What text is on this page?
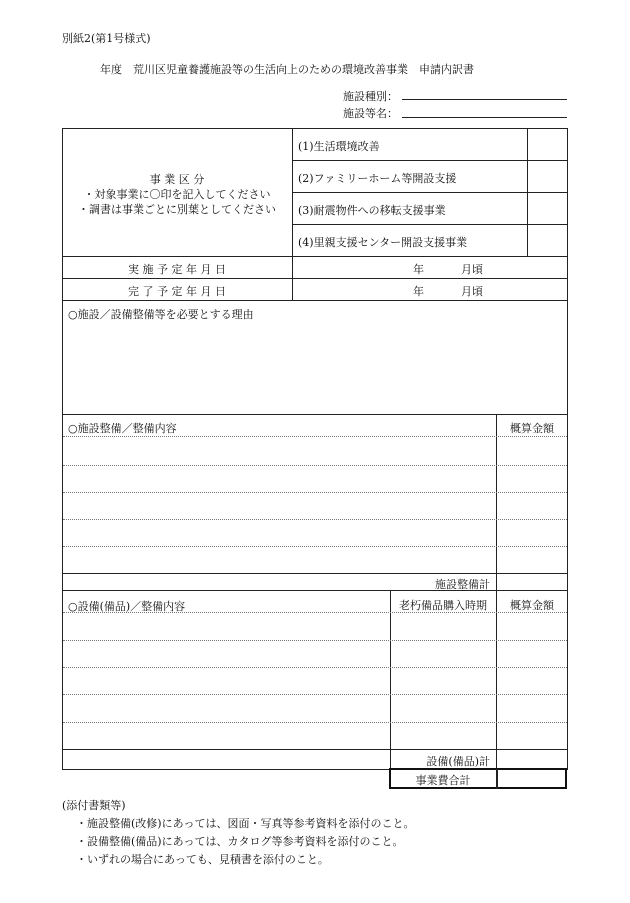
別紙2(第1号様式)
年度　荒川区児童養護施設等の生活向上のための環境改善事業　申請内訳書
施設種別：
施設等名：
事 業 区 分
・対象事業に〇印を記入してください
・調書は事業ごとに別葉としてください
(1)生活環境改善
(2)ファミリーホーム等開設支援
(3)耐震物件への移転支援事業
(4)里親支援センター開設支援事業
実 施 予 定 年 月 日	年	月頃
完 了 予 定 年 月 日	年	月頃
○施設／設備整備等を必要とする理由
○施設整備／整備内容	概算金額
施設整備計
○設備(備品)／整備内容	老朽備品購入時期	概算金額
設備(備品)計
事業費合計
(添付書類等)
・施設整備(改修)にあっては、図面・写真等参考資料を添付のこと。
・設備整備(備品)にあっては、カタログ等参考資料を添付のこと。
・いずれの場合にあっても、見積書を添付のこと。
